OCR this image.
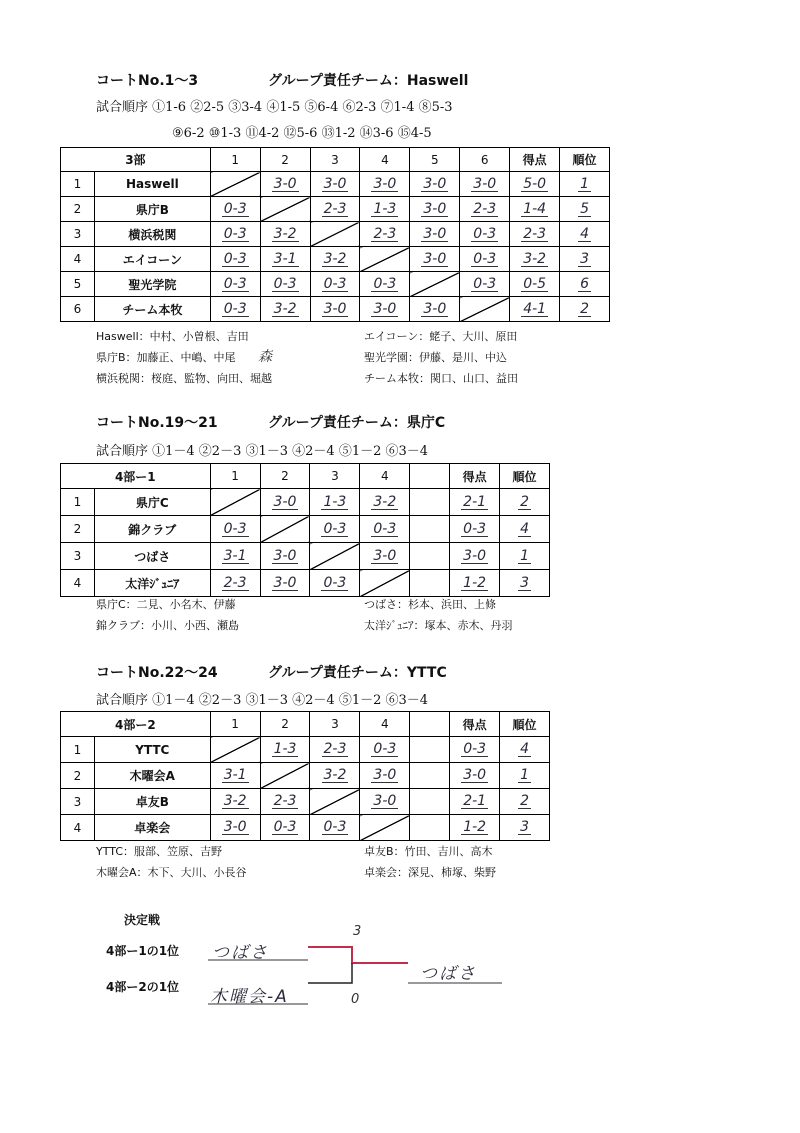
コートNo.1～3	グループ責任チーム：Haswell
試合順序 ①1-6 ②2-5 ③3-4 ④1-5 ⑤6-4 ⑥2-3 ⑦1-4 ⑧5-3
⑨6-2 ⑩1-3 ⑪4-2 ⑫5-6 ⑬1-2 ⑭3-6 ⑮4-5
3部		1	2	3	4	5	6	得点	順位
1	Haswell		3-0	3-0	3-0	3-0	3-0	5-0	1
2	県庁B	0-3		2-3	1-3	3-0	2-3	1-4	5
3	横浜税関	0-3	3-2		2-3	3-0	0-3	2-3	4
4	エイコーン	0-3	3-1	3-2		3-0	0-3	3-2	3
5	聖光学院	0-3	0-3	0-3	0-3		0-3	0-5	6
6	チーム本牧	0-3	3-2	3-0	3-0	3-0		4-1	2
Haswell：中村、小曽根、吉田
県庁B：加藤正、中嶋、中尾 森
横浜税関：桜庭、監物、向田、堀越
エイコーン：蛯子、大川、原田
聖光学園：伊藤、是川、中込
チーム本牧：関口、山口、益田
コートNo.19～21	グループ責任チーム：県庁C
試合順序 ①1－4 ②2－3 ③1－3 ④2－4 ⑤1－2 ⑥3－4
4部ー1		1	2	3	4		得点	順位
1	県庁C		3-0	1-3	3-2		2-1	2
2	錦クラブ	0-3		0-3	0-3		0-3	4
3	つばさ	3-1	3-0		3-0		3-0	1
4	太洋ｼﾞｭﾆｱ	2-3	3-0	0-3			1-2	3
県庁C：二見、小名木、伊藤
錦クラブ：小川、小西、瀬島
つばさ：杉本、浜田、上條
太洋ｼﾞｭﾆｱ：塚本、赤木、丹羽
コートNo.22～24	グループ責任チーム：YTTC
試合順序 ①1－4 ②2－3 ③1－3 ④2－4 ⑤1－2 ⑥3－4
4部ー2		1	2	3	4		得点	順位
1	YTTC		1-3	2-3	0-3		0-3	4
2	木曜会A	3-1		3-2	3-0		3-0	1
3	卓友B	3-2	2-3		3-0		2-1	2
4	卓楽会	3-0	0-3	0-3			1-2	3
YTTC：服部、笠原、吉野
木曜会A：木下、大川、小長谷
卓友B：竹田、吉川、高木
卓楽会：深見、柿塚、柴野
決定戦
4部ー1の1位
4部ー2の1位
つばさ
木曜会-A
3
0
つばさ
